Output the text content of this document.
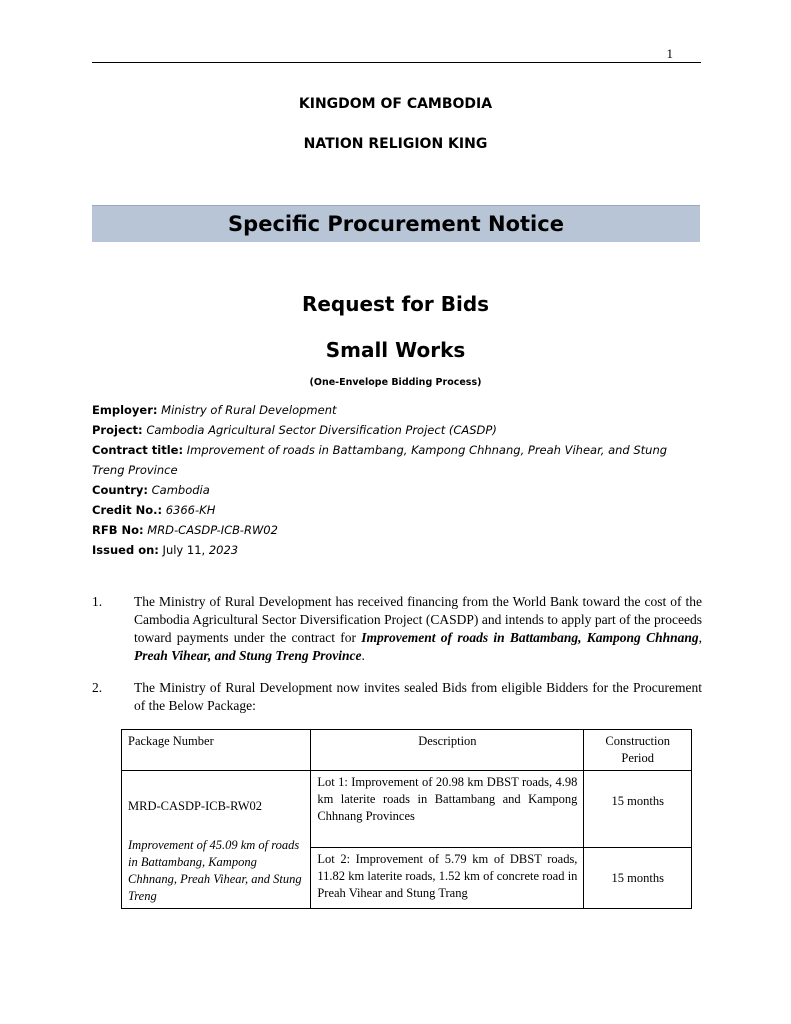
1
KINGDOM OF CAMBODIA
NATION RELIGION KING
Specific Procurement Notice
Request for Bids
Small Works
(One-Envelope Bidding Process)

Employer: Ministry of Rural Development

Project: Cambodia Agricultural Sector Diversification Project (CASDP)

Contract title: Improvement of roads in Battambang, Kampong Chhnang, Preah Vihear, and Stung Treng Province

Country: Cambodia

Credit No.: 6366-KH

RFB No: MRD-CASDP-ICB-RW02

Issued on: July 11, 2023

1. The Ministry of Rural Development has received financing from the World Bank toward the cost of the Cambodia Agricultural Sector Diversification Project (CASDP) and intends to apply part of the proceeds toward payments under the contract for Improvement of roads in Battambang, Kampong Chhnang, Preah Vihear, and Stung Treng Province.
2. The Ministry of Rural Development now invites sealed Bids from eligible Bidders for the Procurement of the Below Package:
Package Number	Description	Construction Period

MRD-CASDP-ICB-RW02
Improvement of 45.09 km of roads in Battambang, Kampong Chhnang, Preah Vihear, and Stung Treng	Lot 1: Improvement of 20.98 km DBST roads, 4.98 km laterite roads in Battambang and Kampong Chhnang Provinces	15 months
	Lot 2: Improvement of 5.79 km of DBST roads, 11.82 km laterite roads, 1.52 km of concrete road in Preah Vihear and Stung Trang	15 months
